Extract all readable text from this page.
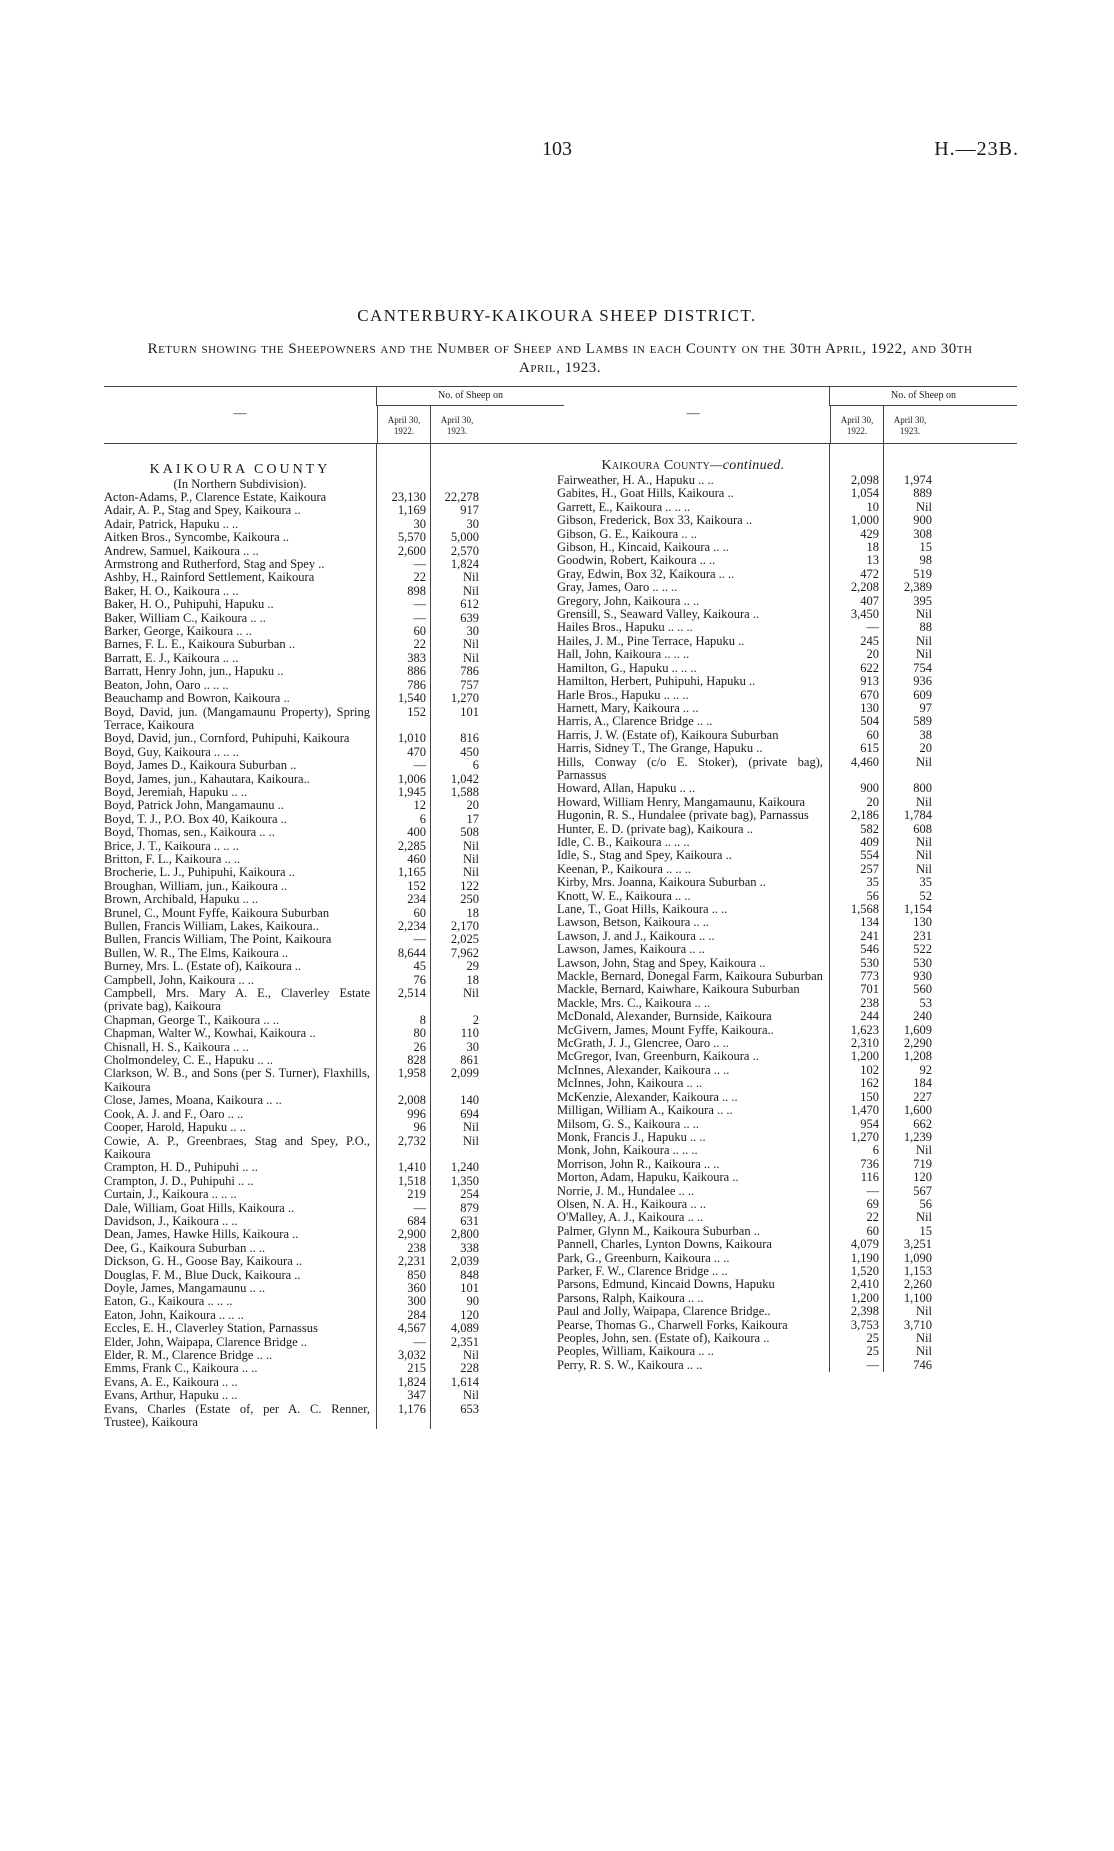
103	H.—23B.
CANTERBURY-KAIKOURA SHEEP DISTRICT.
Return showing the Sheepowners and the Number of Sheep and Lambs in each County on the 30th April, 1922, and 30th April, 1923.
—
No. of Sheep on
April 30, 1922.
April 30, 1923.
KAIKOURA COUNTY
(In Northern Subdivision).
Acton-Adams, P., Clarence Estate, Kaikoura	23,130	22,278
Adair, A. P., Stag and Spey, Kaikoura ..	1,169	917
Adair, Patrick, Hapuku .. ..	30	30
Aitken Bros., Syncombe, Kaikoura ..	5,570	5,000
Andrew, Samuel, Kaikoura .. ..	2,600	2,570
Armstrong and Rutherford, Stag and Spey ..	—	1,824
Ashby, H., Rainford Settlement, Kaikoura	22	Nil
Baker, H. O., Kaikoura .. ..	898	Nil
Baker, H. O., Puhipuhi, Hapuku ..	—	612
Baker, William C., Kaikoura .. ..	—	639
Barker, George, Kaikoura .. ..	60	30
Barnes, F. L. E., Kaikoura Suburban ..	22	Nil
Barratt, E. J., Kaikoura .. ..	383	Nil
Barratt, Henry John, jun., Hapuku ..	886	786
Beaton, John, Oaro .. .. ..	786	757
Beauchamp and Bowron, Kaikoura ..	1,540	1,270
Boyd, David, jun. (Mangamaunu Property), Spring Terrace, Kaikoura
152	101
Boyd, David, jun., Cornford, Puhipuhi, Kaikoura	1,010	816
Boyd, Guy, Kaikoura .. .. ..	470	450
Boyd, James D., Kaikoura Suburban ..	—	6
Boyd, James, jun., Kahautara, Kaikoura..	1,006	1,042
Boyd, Jeremiah, Hapuku .. ..	1,945	1,588
Boyd, Patrick John, Mangamaunu ..	12	20
Boyd, T. J., P.O. Box 40, Kaikoura ..	6	17
Boyd, Thomas, sen., Kaikoura .. ..	400	508
Brice, J. T., Kaikoura .. .. ..	2,285	Nil
Britton, F. L., Kaikoura .. ..	460	Nil
Brocherie, L. J., Puhipuhi, Kaikoura ..	1,165	Nil
Broughan, William, jun., Kaikoura ..	152	122
Brown, Archibald, Hapuku .. ..	234	250
Brunel, C., Mount Fyffe, Kaikoura Suburban	60	18
Bullen, Francis William, Lakes, Kaikoura..	2,234	2,170
Bullen, Francis William, The Point, Kaikoura	—	2,025
Bullen, W. R., The Elms, Kaikoura ..	8,644	7,962
Burney, Mrs. L. (Estate of), Kaikoura ..	45	29
Campbell, John, Kaikoura .. ..	76	18
Campbell, Mrs. Mary A. E., Claverley Estate (private bag), Kaikoura
2,514	Nil
Chapman, George T., Kaikoura .. ..	8	2
Chapman, Walter W., Kowhai, Kaikoura ..	80	110
Chisnall, H. S., Kaikoura .. ..	26	30
Cholmondeley, C. E., Hapuku .. ..	828	861
Clarkson, W. B., and Sons (per S. Turner), Flaxhills, Kaikoura
1,958	2,099
Close, James, Moana, Kaikoura .. ..	2,008	140
Cook, A. J. and F., Oaro .. ..	996	694
Cooper, Harold, Hapuku .. ..	96	Nil
Cowie, A. P., Greenbraes, Stag and Spey, P.O., Kaikoura
2,732	Nil
Crampton, H. D., Puhipuhi .. ..	1,410	1,240
Crampton, J. D., Puhipuhi .. ..	1,518	1,350
Curtain, J., Kaikoura .. .. ..	219	254
Dale, William, Goat Hills, Kaikoura ..	—	879
Davidson, J., Kaikoura .. ..	684	631
Dean, James, Hawke Hills, Kaikoura ..	2,900	2,800
Dee, G., Kaikoura Suburban .. ..	238	338
Dickson, G. H., Goose Bay, Kaikoura ..	2,231	2,039
Douglas, F. M., Blue Duck, Kaikoura ..	850	848
Doyle, James, Mangamaunu .. ..	360	101
Eaton, G., Kaikoura .. .. ..	300	90
Eaton, John, Kaikoura .. .. ..	284	120
Eccles, E. H., Claverley Station, Parnassus	4,567	4,089
Elder, John, Waipapa, Clarence Bridge ..	—	2,351
Elder, R. M., Clarence Bridge .. ..	3,032	Nil
Emms, Frank C., Kaikoura .. ..	215	228
Evans, A. E., Kaikoura .. ..	1,824	1,614
Evans, Arthur, Hapuku .. ..	347	Nil
Evans, Charles (Estate of, per A. C. Renner, Trustee), Kaikoura
1,176	653
—
No. of Sheep on
April 30, 1922.
April 30, 1923.
Kaikoura County—continued.
Fairweather, H. A., Hapuku .. ..	2,098	1,974
Gabites, H., Goat Hills, Kaikoura ..	1,054	889
Garrett, E., Kaikoura .. .. ..	10	Nil
Gibson, Frederick, Box 33, Kaikoura ..	1,000	900
Gibson, G. E., Kaikoura .. ..	429	308
Gibson, H., Kincaid, Kaikoura .. ..	18	15
Goodwin, Robert, Kaikoura .. ..	13	98
Gray, Edwin, Box 32, Kaikoura .. ..	472	519
Gray, James, Oaro .. .. ..	2,208	2,389
Gregory, John, Kaikoura .. ..	407	395
Grensill, S., Seaward Valley, Kaikoura ..	3,450	Nil
Hailes Bros., Hapuku .. .. ..	—	88
Hailes, J. M., Pine Terrace, Hapuku ..	245	Nil
Hall, John, Kaikoura .. .. ..	20	Nil
Hamilton, G., Hapuku .. .. ..	622	754
Hamilton, Herbert, Puhipuhi, Hapuku ..	913	936
Harle Bros., Hapuku .. .. ..	670	609
Harnett, Mary, Kaikoura .. ..	130	97
Harris, A., Clarence Bridge .. ..	504	589
Harris, J. W. (Estate of), Kaikoura Suburban	60	38
Harris, Sidney T., The Grange, Hapuku ..	615	20
Hills, Conway (c/o E. Stoker), (private bag), Parnassus
4,460	Nil
Howard, Allan, Hapuku .. ..	900	800
Howard, William Henry, Mangamaunu, Kaikoura	20	Nil
Hugonin, R. S., Hundalee (private bag), Parnassus	2,186	1,784
Hunter, E. D. (private bag), Kaikoura ..	582	608
Idle, C. B., Kaikoura .. .. ..	409	Nil
Idle, S., Stag and Spey, Kaikoura ..	554	Nil
Keenan, P., Kaikoura .. .. ..	257	Nil
Kirby, Mrs. Joanna, Kaikoura Suburban ..	35	35
Knott, W. E., Kaikoura .. ..	56	52
Lane, T., Goat Hills, Kaikoura .. ..	1,568	1,154
Lawson, Betson, Kaikoura .. ..	134	130
Lawson, J. and J., Kaikoura .. ..	241	231
Lawson, James, Kaikoura .. ..	546	522
Lawson, John, Stag and Spey, Kaikoura ..	530	530
Mackle, Bernard, Donegal Farm, Kaikoura Suburban	773	930
Mackle, Bernard, Kaiwhare, Kaikoura Suburban	701	560
Mackle, Mrs. C., Kaikoura .. ..	238	53
McDonald, Alexander, Burnside, Kaikoura	244	240
McGivern, James, Mount Fyffe, Kaikoura..	1,623	1,609
McGrath, J. J., Glencree, Oaro .. ..	2,310	2,290
McGregor, Ivan, Greenburn, Kaikoura ..	1,200	1,208
McInnes, Alexander, Kaikoura .. ..	102	92
McInnes, John, Kaikoura .. ..	162	184
McKenzie, Alexander, Kaikoura .. ..	150	227
Milligan, William A., Kaikoura .. ..	1,470	1,600
Milsom, G. S., Kaikoura .. ..	954	662
Monk, Francis J., Hapuku .. ..	1,270	1,239
Monk, John, Kaikoura .. .. ..	6	Nil
Morrison, John R., Kaikoura .. ..	736	719
Morton, Adam, Hapuku, Kaikoura ..	116	120
Norrie, J. M., Hundalee .. ..	—	567
Olsen, N. A. H., Kaikoura .. ..	69	56
O'Malley, A. J., Kaikoura .. ..	22	Nil
Palmer, Glynn M., Kaikoura Suburban ..	60	15
Pannell, Charles, Lynton Downs, Kaikoura	4,079	3,251
Park, G., Greenburn, Kaikoura .. ..	1,190	1,090
Parker, F. W., Clarence Bridge .. ..	1,520	1,153
Parsons, Edmund, Kincaid Downs, Hapuku	2,410	2,260
Parsons, Ralph, Kaikoura .. ..	1,200	1,100
Paul and Jolly, Waipapa, Clarence Bridge..	2,398	Nil
Pearse, Thomas G., Charwell Forks, Kaikoura	3,753	3,710
Peoples, John, sen. (Estate of), Kaikoura ..	25	Nil
Peoples, William, Kaikoura .. ..	25	Nil
Perry, R. S. W., Kaikoura .. ..	—	746
